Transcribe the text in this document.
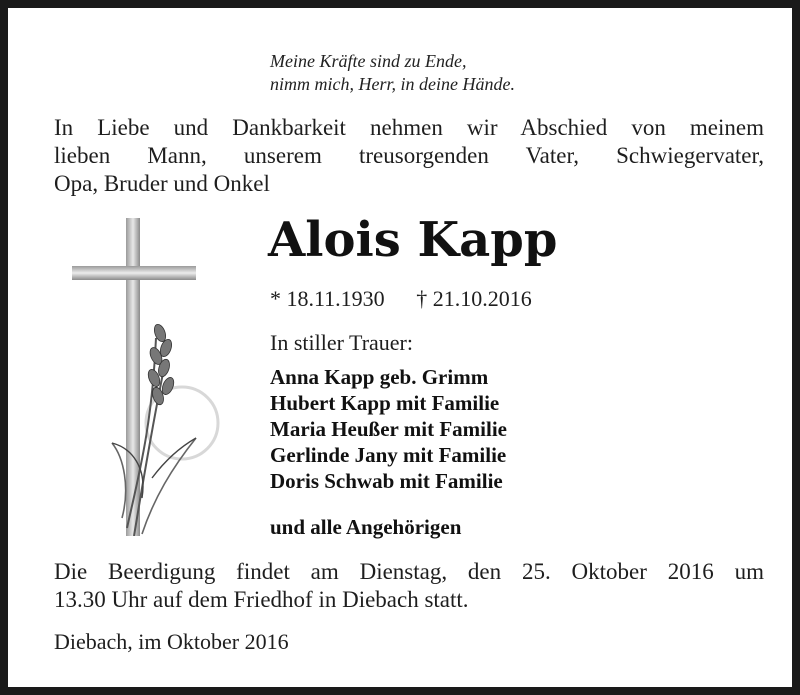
Meine Kräfte sind zu Ende,
nimm mich, Herr, in deine Hände.
In Liebe und Dankbarkeit nehmen wir Abschied von meinem
lieben Mann, unserem treusorgenden Vater, Schwiegervater,
Opa, Bruder und Onkel
Alois Kapp
* 18.11.1930 † 21.10.2016
In stiller Trauer:
Anna Kapp geb. Grimm
Hubert Kapp mit Familie
Maria Heußer mit Familie
Gerlinde Jany mit Familie
Doris Schwab mit Familie
und alle Angehörigen
Die Beerdigung findet am Dienstag, den 25. Oktober 2016 um
13.30 Uhr auf dem Friedhof in Diebach statt.
Diebach, im Oktober 2016
